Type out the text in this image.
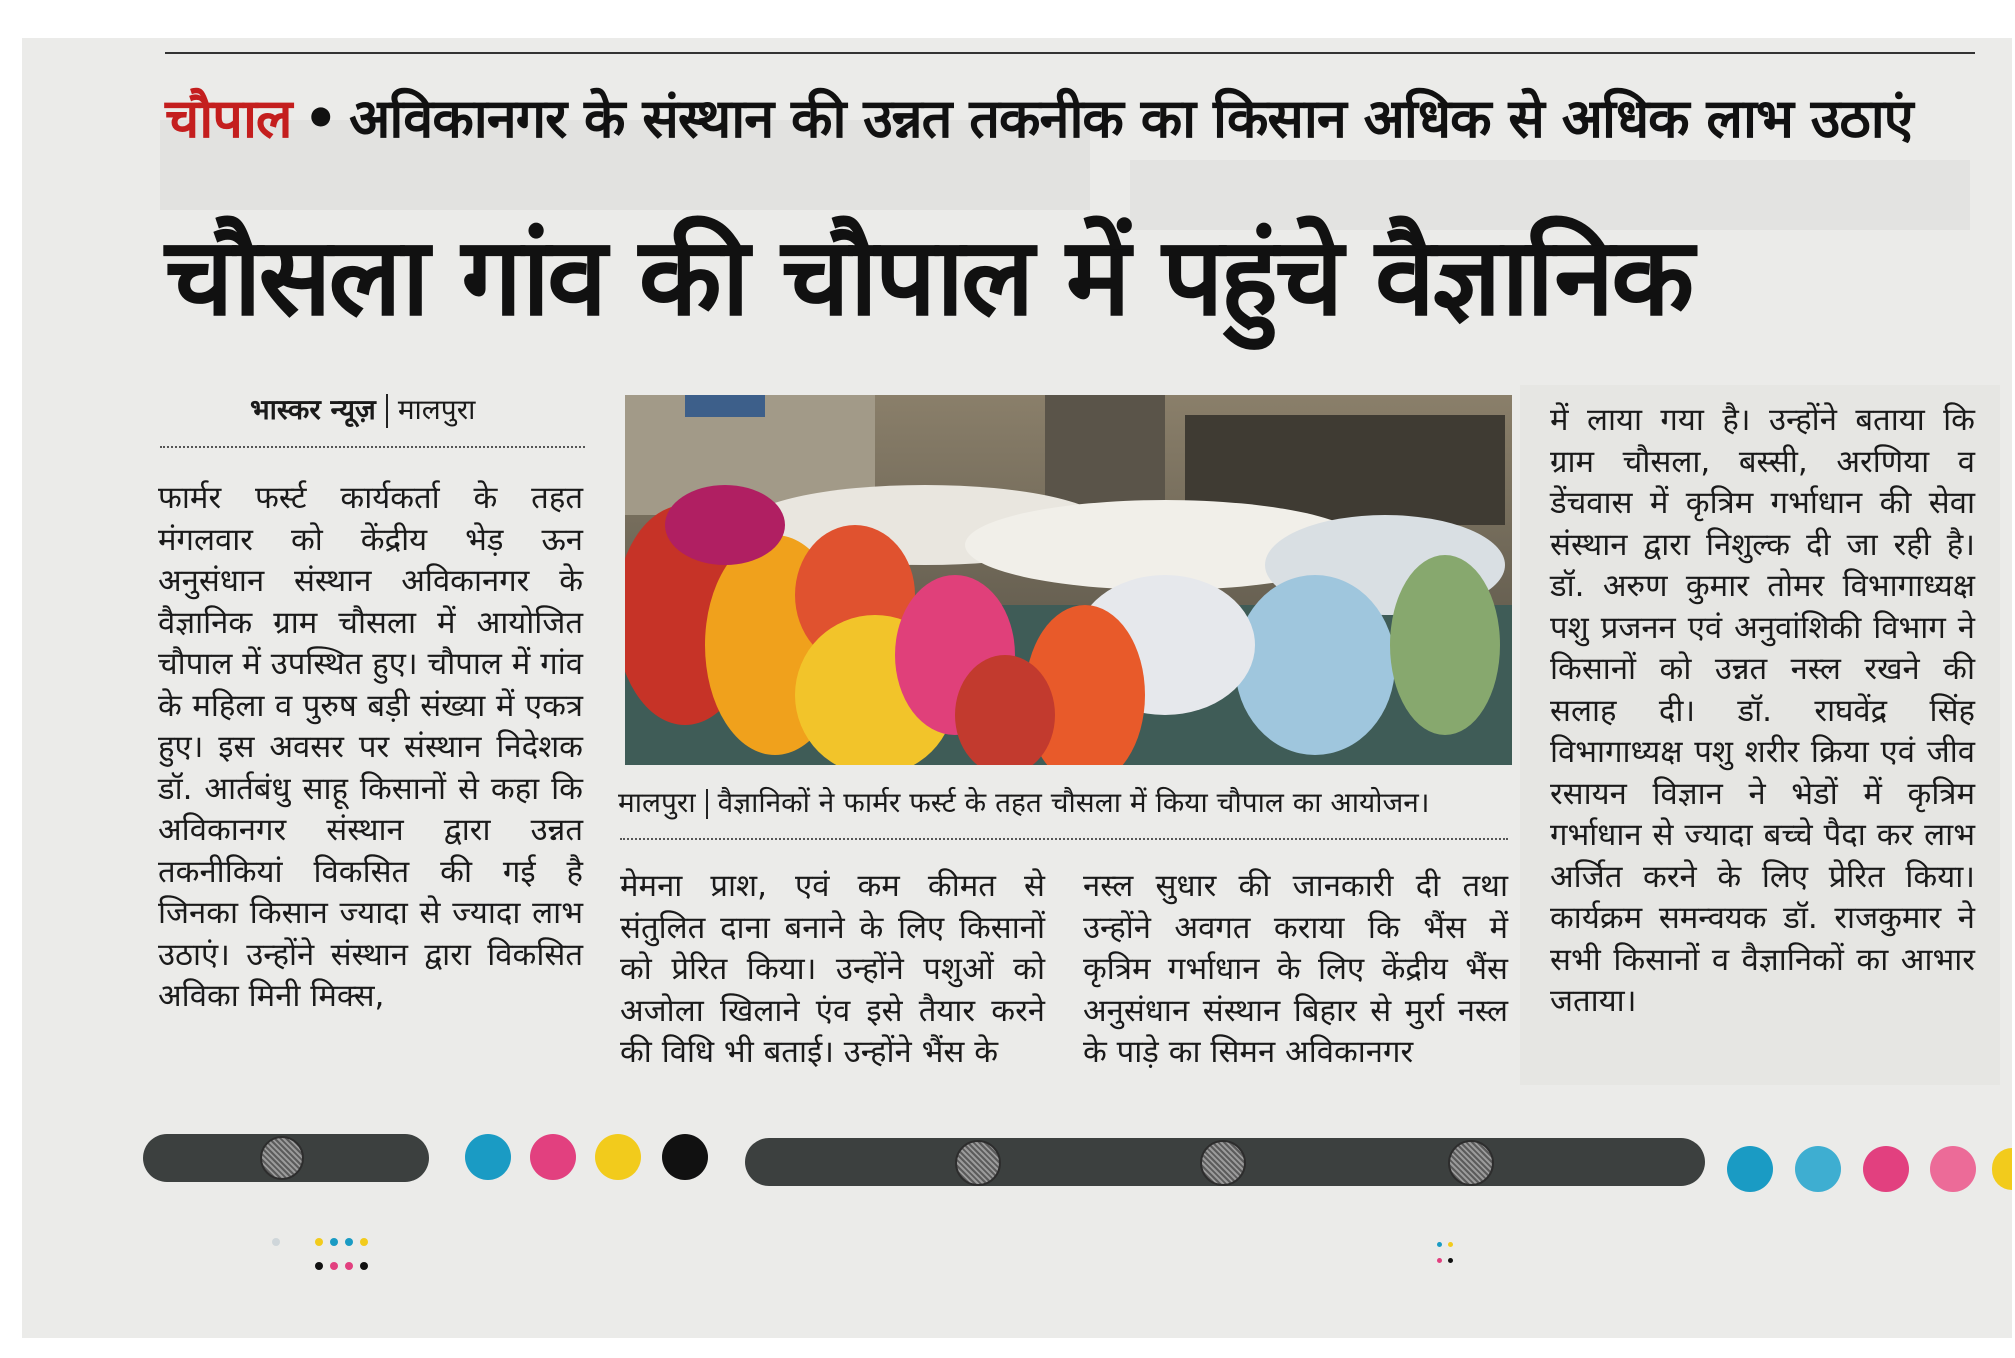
चौपाल • अविकानगर के संस्थान की उन्नत तकनीक का किसान अधिक से अधिक लाभ उठाएं
चौसला गांव की चौपाल में पहुंचे वैज्ञानिक
भास्कर न्यूज़ मालपुरा
फार्मर फर्स्ट कार्यकर्ता के तहत मंगलवार को केंद्रीय भेड़ ऊन अनुसंधान संस्थान अविकानगर के वैज्ञानिक ग्राम चौसला में आयोजित चौपाल में उपस्थित हुए। चौपाल में गांव के महिला व पुरुष बड़ी संख्या में एकत्र हुए। इस अवसर पर संस्थान निदेशक डॉ. आर्तबंधु साहू किसानों से कहा कि अविकानगर संस्थान द्वारा उन्नत तकनीकियां विकसित की गई है जिनका किसान ज्यादा से ज्यादा लाभ उठाएं। उन्होंने संस्थान द्वारा विकसित अविका मिनी मिक्स,
मालपुरा वैज्ञानिकों ने फार्मर फर्स्ट के तहत चौसला में किया चौपाल का आयोजन।
मेमना प्राश, एवं कम कीमत से संतुलित दाना बनाने के लिए किसानों को प्रेरित किया। उन्होंने पशुओं को अजोला खिलाने एंव इसे तैयार करने की विधि भी बताई। उन्होंने भैंस के
नस्ल सुधार की जानकारी दी तथा उन्होंने अवगत कराया कि भैंस में कृत्रिम गर्भाधान के लिए केंद्रीय भैंस अनुसंधान संस्थान बिहार से मुर्रा नस्ल के पाड़े का सिमन अविकानगर
में लाया गया है। उन्होंने बताया कि ग्राम चौसला, बस्सी, अरणिया व डेंचवास में कृत्रिम गर्भाधान की सेवा संस्थान द्वारा निशुल्क दी जा रही है। डॉ. अरुण कुमार तोमर विभागाध्यक्ष पशु प्रजनन एवं अनुवांशिकी विभाग ने किसानों को उन्नत नस्ल रखने की सलाह दी। डॉ. राघवेंद्र सिंह विभागाध्यक्ष पशु शरीर क्रिया एवं जीव रसायन विज्ञान ने भेडों में कृत्रिम गर्भाधान से ज्यादा बच्चे पैदा कर लाभ अर्जित करने के लिए प्रेरित किया। कार्यक्रम समन्वयक डॉ. राजकुमार ने सभी किसानों व वैज्ञानिकों का आभार जताया।
